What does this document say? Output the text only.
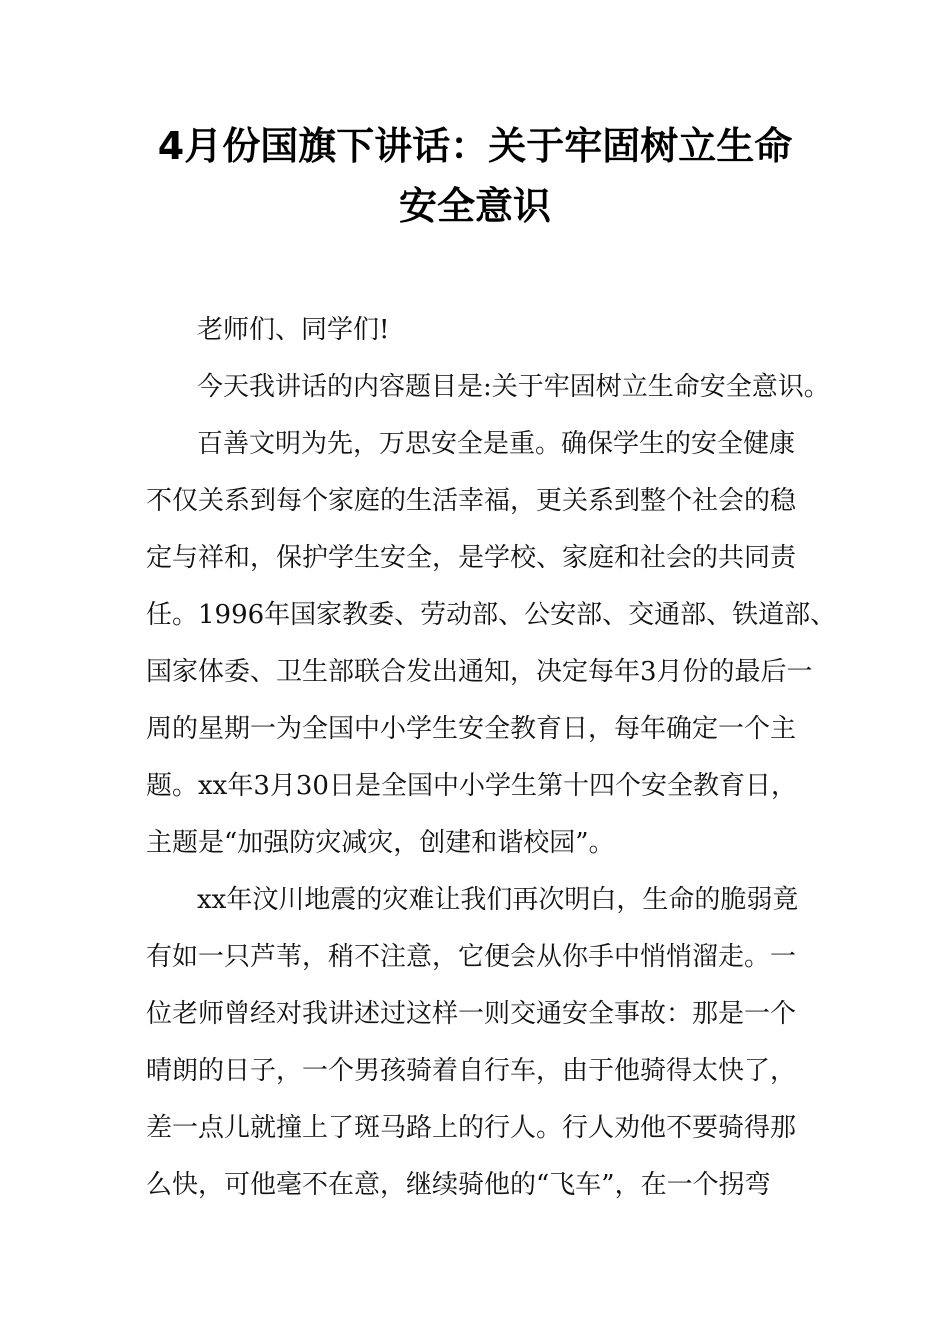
4月份国旗下讲话：关于牢固树立生命
安全意识
老师们、同学们!
今天我讲话的内容题目是:关于牢固树立生命安全意识。
百善文明为先，万思安全是重。确保学生的安全健康
不仅关系到每个家庭的生活幸福，更关系到整个社会的稳
定与祥和，保护学生安全，是学校、家庭和社会的共同责
任。1996年国家教委、劳动部、公安部、交通部、铁道部、
国家体委、卫生部联合发出通知，决定每年3月份的最后一
周的星期一为全国中小学生安全教育日，每年确定一个主
题。xx年3月30日是全国中小学生第十四个安全教育日，
主题是“加强防灾减灾，创建和谐校园”。
xx年汶川地震的灾难让我们再次明白，生命的脆弱竟
有如一只芦苇，稍不注意，它便会从你手中悄悄溜走。一
位老师曾经对我讲述过这样一则交通安全事故：那是一个
晴朗的日子，一个男孩骑着自行车，由于他骑得太快了，
差一点儿就撞上了斑马路上的行人。行人劝他不要骑得那
么快，可他毫不在意，继续骑他的“飞车”，在一个拐弯
